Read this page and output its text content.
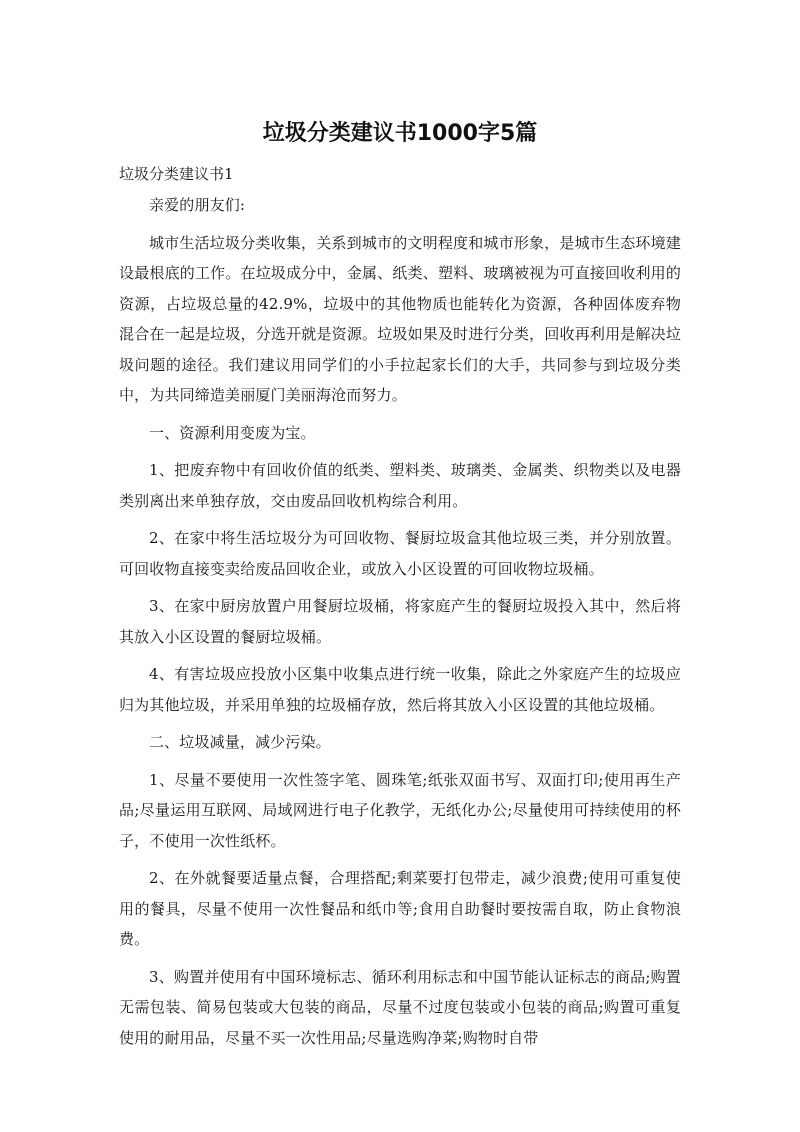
垃圾分类建议书1000字5篇
垃圾分类建议书1

亲爱的朋友们:

城市生活垃圾分类收集，关系到城市的文明程度和城市形象，是城市生态环境建设最根底的工作。在垃圾成分中，金属、纸类、塑料、玻璃被视为可直接回收利用的资源，占垃圾总量的42.9%，垃圾中的其他物质也能转化为资源，各种固体废弃物混合在一起是垃圾，分选开就是资源。垃圾如果及时进行分类，回收再利用是解决垃圾问题的途径。我们建议用同学们的小手拉起家长们的大手，共同参与到垃圾分类中，为共同缔造美丽厦门美丽海沧而努力。

一、资源利用变废为宝。

1、把废弃物中有回收价值的纸类、塑料类、玻璃类、金属类、织物类以及电器类别离出来单独存放，交由废品回收机构综合利用。

2、在家中将生活垃圾分为可回收物、餐厨垃圾盒其他垃圾三类，并分别放置。可回收物直接变卖给废品回收企业，或放入小区设置的可回收物垃圾桶。

3、在家中厨房放置户用餐厨垃圾桶，将家庭产生的餐厨垃圾投入其中，然后将其放入小区设置的餐厨垃圾桶。

4、有害垃圾应投放小区集中收集点进行统一收集，除此之外家庭产生的垃圾应归为其他垃圾，并采用单独的垃圾桶存放，然后将其放入小区设置的其他垃圾桶。

二、垃圾减量，减少污染。

1、尽量不要使用一次性签字笔、圆珠笔;纸张双面书写、双面打印;使用再生产品;尽量运用互联网、局域网进行电子化教学，无纸化办公;尽量使用可持续使用的杯子，不使用一次性纸杯。

2、在外就餐要适量点餐，合理搭配;剩菜要打包带走，减少浪费;使用可重复使用的餐具，尽量不使用一次性餐品和纸巾等;食用自助餐时要按需自取，防止食物浪费。

3、购置并使用有中国环境标志、循环利用标志和中国节能认证标志的商品;购置无需包装、简易包装或大包装的商品，尽量不过度包装或小包装的商品;购置可重复使用的耐用品，尽量不买一次性用品;尽量选购净菜;购物时自带
